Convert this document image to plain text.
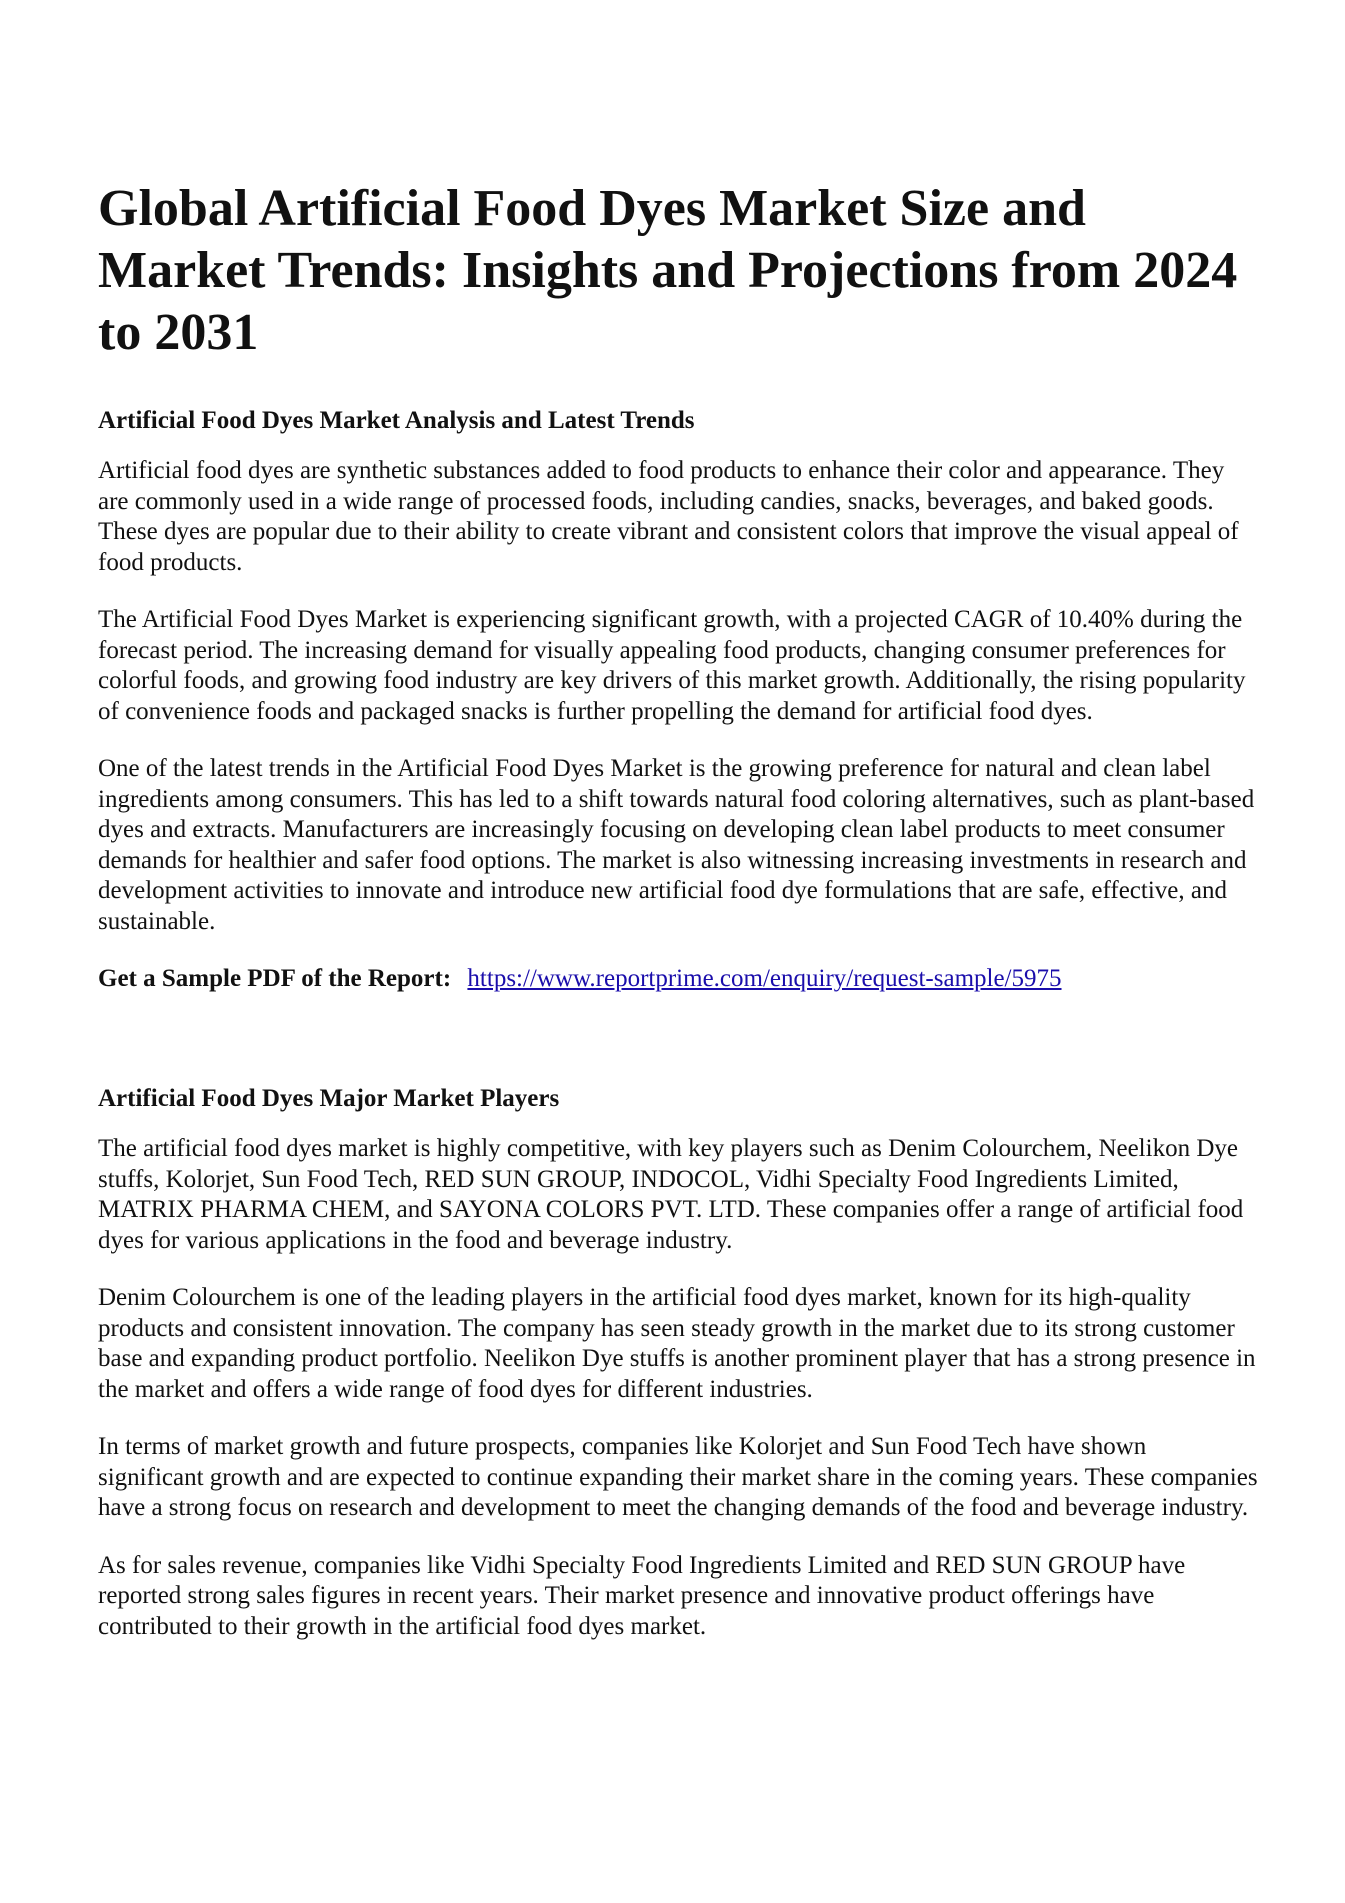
Global Artificial Food Dyes Market Size and Market Trends: Insights and Projections from 2024 to 2031
Artificial Food Dyes Market Analysis and Latest Trends

Artificial food dyes are synthetic substances added to food products to enhance their color and appearance. They are commonly used in a wide range of processed foods, including candies, snacks, beverages, and baked goods. These dyes are popular due to their ability to create vibrant and consistent colors that improve the visual appeal of food products.

The Artificial Food Dyes Market is experiencing significant growth, with a projected CAGR of 10.40% during the forecast period. The increasing demand for visually appealing food products, changing consumer preferences for colorful foods, and growing food industry are key drivers of this market growth. Additionally, the rising popularity of convenience foods and packaged snacks is further propelling the demand for artificial food dyes.

One of the latest trends in the Artificial Food Dyes Market is the growing preference for natural and clean label ingredients among consumers. This has led to a shift towards natural food coloring alternatives, such as plant-based dyes and extracts. Manufacturers are increasingly focusing on developing clean label products to meet consumer demands for healthier and safer food options. The market is also witnessing increasing investments in research and development activities to innovate and introduce new artificial food dye formulations that are safe, effective, and sustainable.

Get a Sample PDF of the Report: https://www.reportprime.com/enquiry/request-sample/5975
Artificial Food Dyes Major Market Players

The artificial food dyes market is highly competitive, with key players such as Denim Colourchem, Neelikon Dye stuffs, Kolorjet, Sun Food Tech, RED SUN GROUP, INDOCOL, Vidhi Specialty Food Ingredients Limited, MATRIX PHARMA CHEM, and SAYONA COLORS PVT. LTD. These companies offer a range of artificial food dyes for various applications in the food and beverage industry.

Denim Colourchem is one of the leading players in the artificial food dyes market, known for its high-quality products and consistent innovation. The company has seen steady growth in the market due to its strong customer base and expanding product portfolio. Neelikon Dye stuffs is another prominent player that has a strong presence in the market and offers a wide range of food dyes for different industries.

In terms of market growth and future prospects, companies like Kolorjet and Sun Food Tech have shown significant growth and are expected to continue expanding their market share in the coming years. These companies have a strong focus on research and development to meet the changing demands of the food and beverage industry.

As for sales revenue, companies like Vidhi Specialty Food Ingredients Limited and RED SUN GROUP have reported strong sales figures in recent years. Their market presence and innovative product offerings have contributed to their growth in the artificial food dyes market.
